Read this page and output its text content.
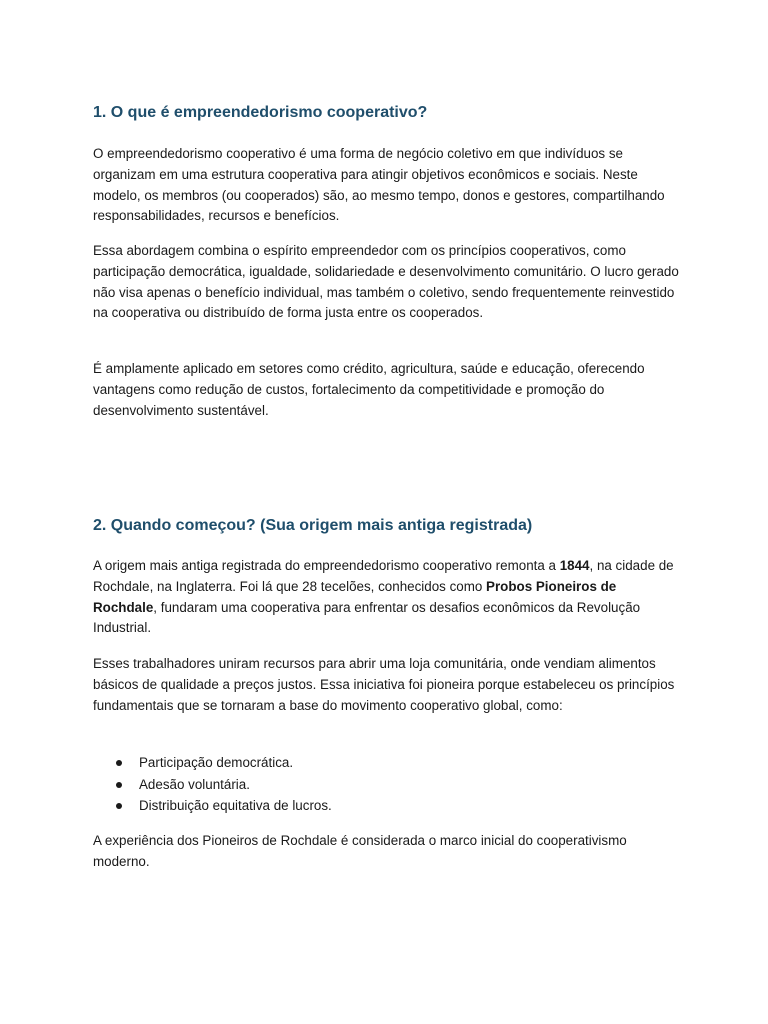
1. O que é empreendedorismo cooperativo?

O empreendedorismo cooperativo é uma forma de negócio coletivo em que indivíduos se organizam em uma estrutura cooperativa para atingir objetivos econômicos e sociais. Neste modelo, os membros (ou cooperados) são, ao mesmo tempo, donos e gestores, compartilhando responsabilidades, recursos e benefícios.

Essa abordagem combina o espírito empreendedor com os princípios cooperativos, como participação democrática, igualdade, solidariedade e desenvolvimento comunitário. O lucro gerado não visa apenas o benefício individual, mas também o coletivo, sendo frequentemente reinvestido na cooperativa ou distribuído de forma justa entre os cooperados.

É amplamente aplicado em setores como crédito, agricultura, saúde e educação, oferecendo vantagens como redução de custos, fortalecimento da competitividade e promoção do desenvolvimento sustentável.

2. Quando começou? (Sua origem mais antiga registrada)

A origem mais antiga registrada do empreendedorismo cooperativo remonta a 1844, na cidade de Rochdale, na Inglaterra. Foi lá que 28 tecelões, conhecidos como Probos Pioneiros de Rochdale, fundaram uma cooperativa para enfrentar os desafios econômicos da Revolução Industrial.

Esses trabalhadores uniram recursos para abrir uma loja comunitária, onde vendiam alimentos básicos de qualidade a preços justos. Essa iniciativa foi pioneira porque estabeleceu os princípios fundamentais que se tornaram a base do movimento cooperativo global, como:

Participação democrática.
Adesão voluntária.
Distribuição equitativa de lucros.

A experiência dos Pioneiros de Rochdale é considerada o marco inicial do cooperativismo moderno.
